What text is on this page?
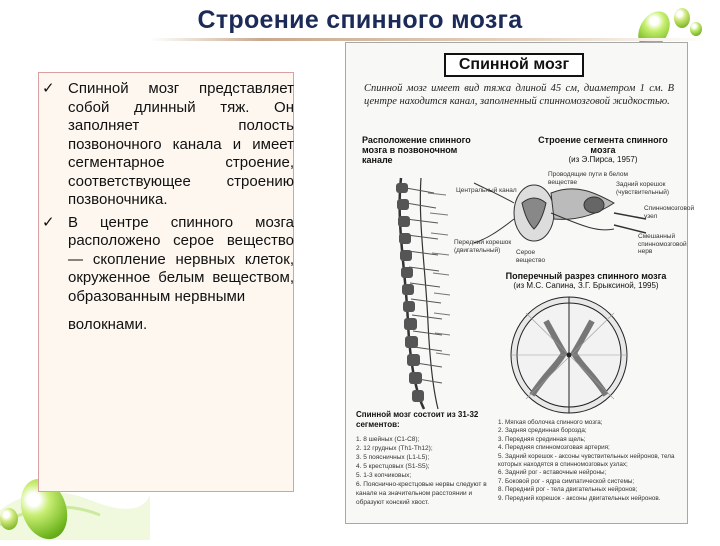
Строение спинного мозга
✓ Спинной мозг представляет собой длинный тяж. Он заполняет полость позвоночного канала и имеет сегментарное строение, соответствующее строению позвоночника.
✓ В центре спинного мозга расположено серое вещество — скопление нервных клеток, окруженное белым веществом, образованным нервными
волокнами.
Спинной мозг
Спинной мозг имеет вид тяжа длиной 45 см, диаметром 1 см. В центре находится канал, заполненный спинномозговой жидкостью.
Расположение спинного мозга в позвоночном канале
Строение сегмента спинного мозга
(из Э.Пирса, 1957)
Проводящие пути в белом веществе
Центральный канал
Задний корешок (чувствительный)
Спинномозговой узел
Передний корешок (двигательный)	Серое вещество
Смешанный спинномозговой нерв
Поперечный разрез спинного мозга
(из М.С. Сапина, З.Г. Брыксиной, 1995)
Спинной мозг состоит из 31-32 сегментов:
1. 8 шейных (C1-C8);
2. 12 грудных (Th1-Th12);
3. 5 поясничных (L1-L5);
4. 5 крестцовых (S1-S5);
5. 1-3 копчиковых;
6. Пояснично-крестцовые нервы следуют в канале на значительном расстоянии и образуют конский хвост.
1. Мягкая оболочка спинного мозга;
2. Задняя срединная борозда;
3. Передняя срединная щель;
4. Передняя спинномозговая артерия;
5. Задний корешок - аксоны чувствительных нейронов, тела которых находятся в спинномозговых узлах;
6. Задний рог - вставочные нейроны;
7. Боковой рог - ядра симпатической системы;
8. Передний рог - тела двигательных нейронов;
9. Передний корешок - аксоны двигательных нейронов.
